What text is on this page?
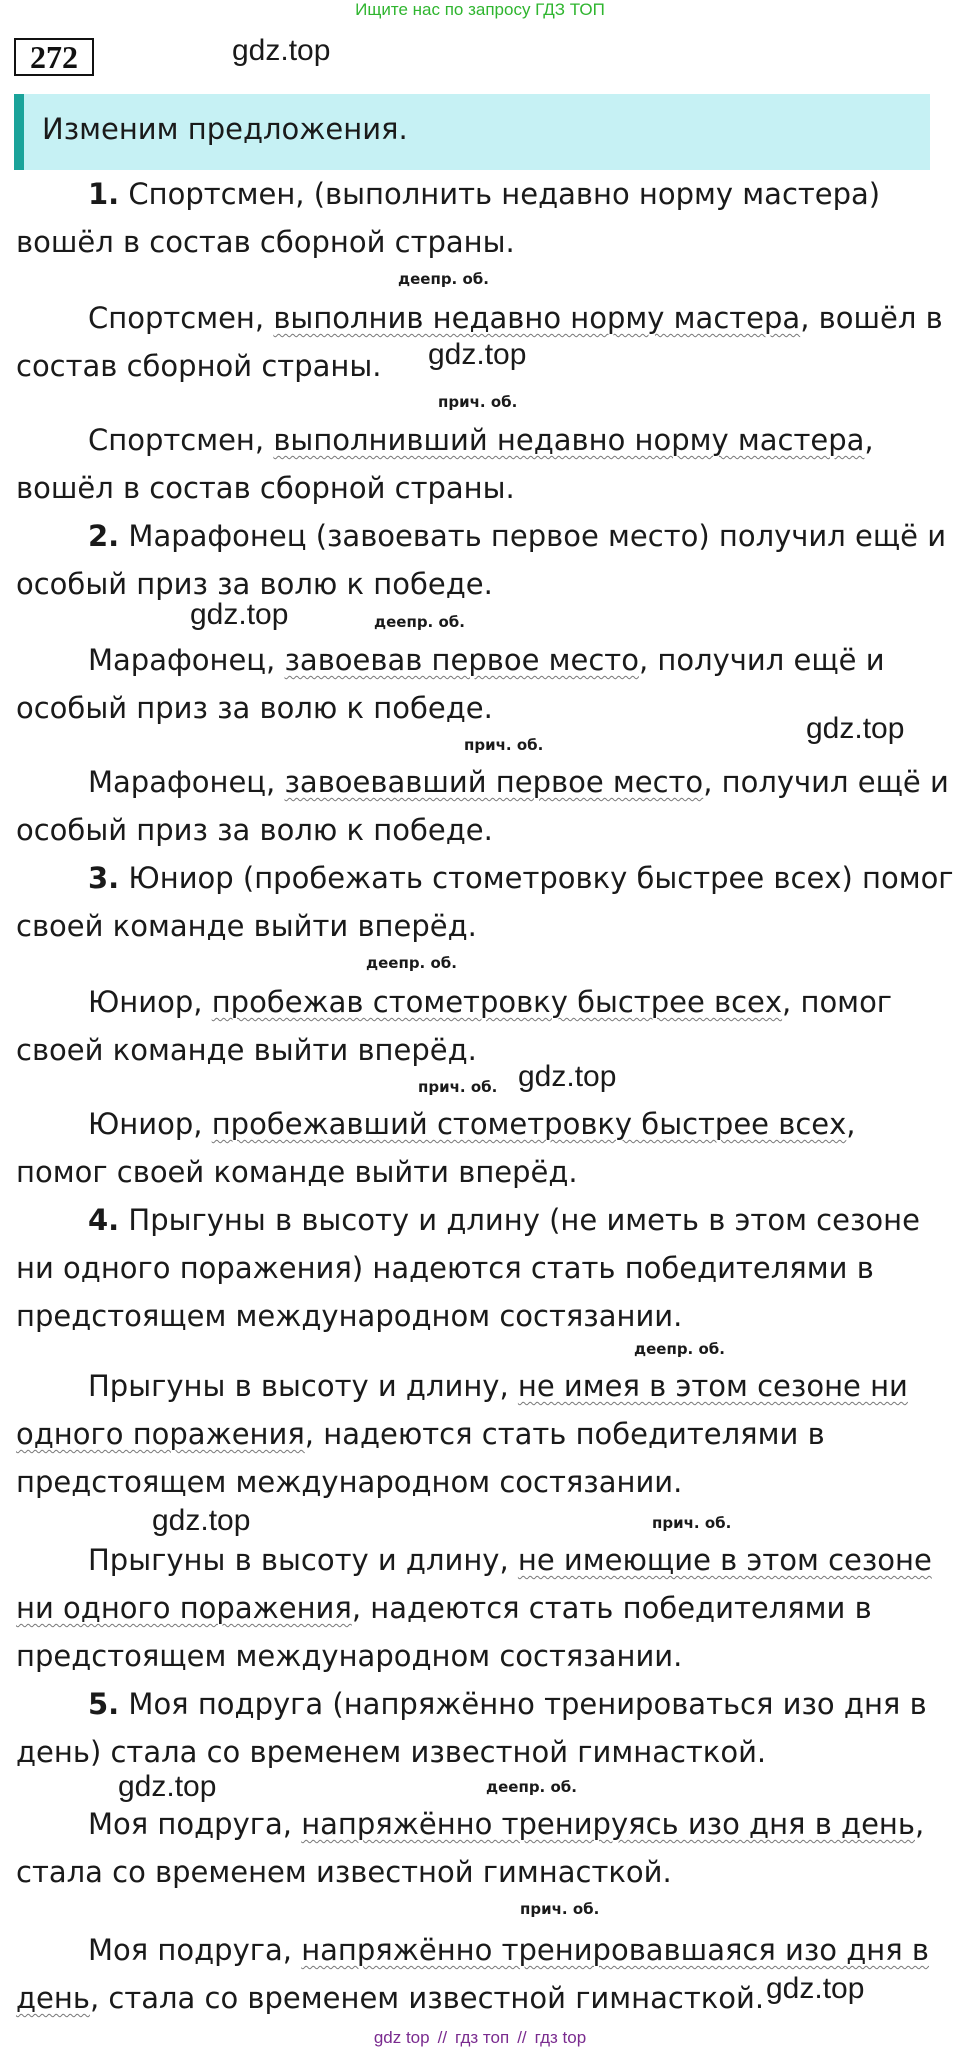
Ищите нас по запросу ГДЗ ТОП
272	gdz.top
gdz.top
gdz.top
gdz.top
gdz.top
gdz.top
gdz.top
gdz.top
Изменим предложения.
1. Спортсмен, (выполнить недавно норму мастера)
вошёл в состав сборной страны.
деепр. об.
Спортсмен, выполнив недавно норму мастера, вошёл в
состав сборной страны.
прич. об.
Спортсмен, выполнивший недавно норму мастера,
вошёл в состав сборной страны.
2. Марафонец (завоевать первое место) получил ещё и
особый приз за волю к победе.
деепр. об.
Марафонец, завоевав первое место, получил ещё и
особый приз за волю к победе.
прич. об.
Марафонец, завоевавший первое место, получил ещё и
особый приз за волю к победе.
3. Юниор (пробежать стометровку быстрее всех) помог
своей команде выйти вперёд.
деепр. об.
Юниор, пробежав стометровку быстрее всех, помог
своей команде выйти вперёд.
прич. об.
Юниор, пробежавший стометровку быстрее всех,
помог своей команде выйти вперёд.
4. Прыгуны в высоту и длину (не иметь в этом сезоне
ни одного поражения) надеются стать победителями в
предстоящем международном состязании.
деепр. об.
Прыгуны в высоту и длину, не имея в этом сезоне ни
одного поражения, надеются стать победителями в
предстоящем международном состязании.
прич. об.
Прыгуны в высоту и длину, не имеющие в этом сезоне
ни одного поражения, надеются стать победителями в
предстоящем международном состязании.
5. Моя подруга (напряжённо тренироваться изо дня в
день) стала со временем известной гимнасткой.
деепр. об.
Моя подруга, напряжённо тренируясь изо дня в день,
стала со временем известной гимнасткой.
прич. об.
Моя подруга, напряжённо тренировавшаяся изо дня в
день, стала со временем известной гимнасткой.
gdz top // гдз топ // гдз top
